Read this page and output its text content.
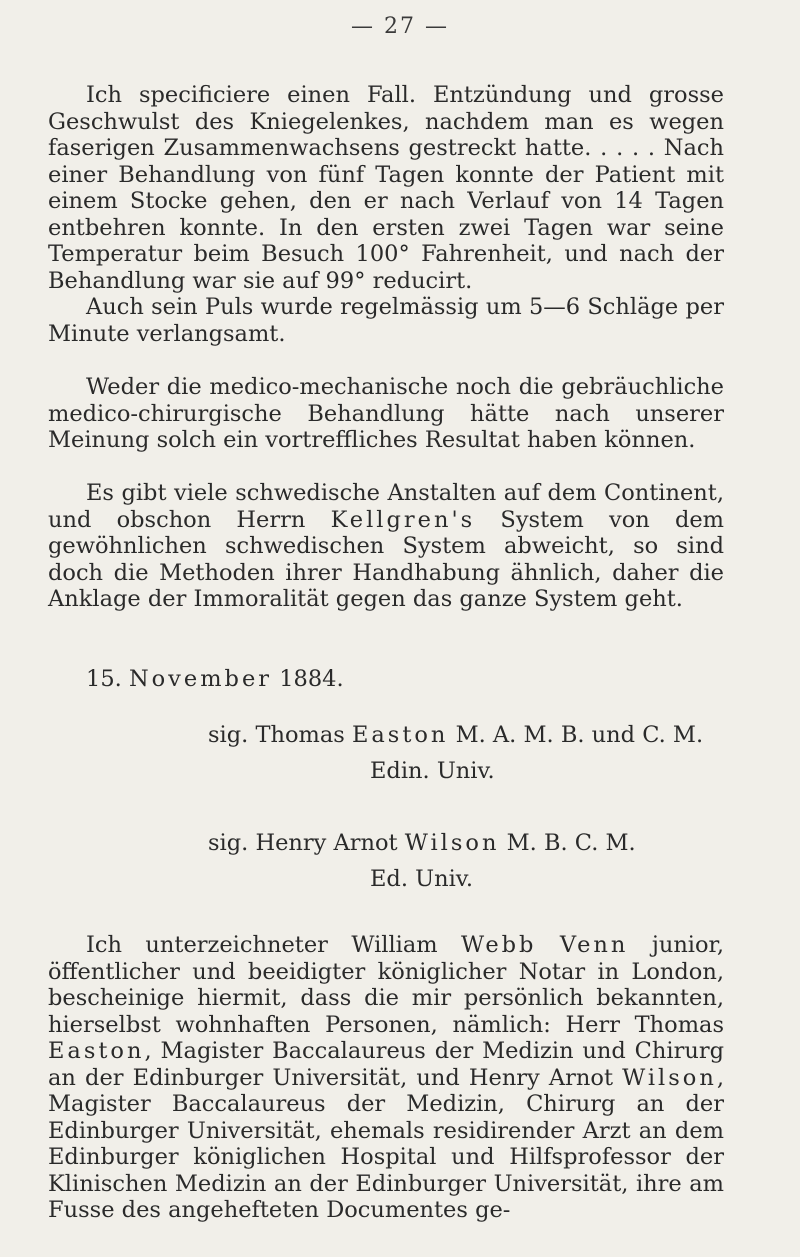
— 27 —

Ich specificiere einen Fall. Entzündung und grosse Geschwulst des Kniegelenkes, nachdem man es wegen faserigen Zusammenwachsens gestreckt hatte. . . . . Nach einer Behandlung von fünf Tagen konnte der Patient mit einem Stocke gehen, den er nach Verlauf von 14 Tagen entbehren konnte. In den ersten zwei Tagen war seine Temperatur beim Besuch 100° Fahrenheit, und nach der Behandlung war sie auf 99° reducirt.

Auch sein Puls wurde regelmässig um 5—6 Schläge per Minute verlangsamt.

Weder die medico-mechanische noch die gebräuchliche medico-chirurgische Behandlung hätte nach unserer Meinung solch ein vortreffliches Resultat haben können.

Es gibt viele schwedische Anstalten auf dem Continent, und obschon Herrn Kellgren's System von dem gewöhnlichen schwedischen System abweicht, so sind doch die Methoden ihrer Handhabung ähnlich, daher die Anklage der Immoralität gegen das ganze System geht.

15. November 1884.

sig. Thomas Easton M. A. M. B. und C. M.

Edin. Univ.

sig. Henry Arnot Wilson M. B. C. M.

Ed. Univ.

Ich unterzeichneter William Webb Venn junior, öffentlicher und beeidigter königlicher Notar in London, bescheinige hiermit, dass die mir persönlich bekannten, hierselbst wohnhaften Personen, nämlich: Herr Thomas Easton, Magister Baccalaureus der Medizin und Chirurg an der Edinburger Universität, und Henry Arnot Wilson, Magister Baccalaureus der Medizin, Chirurg an der Edinburger Universität, ehemals residirender Arzt an dem Edinburger königlichen Hospital und Hilfsprofessor der Klinischen Medizin an der Edinburger Universität, ihre am Fusse des angehefteten Documentes ge-
